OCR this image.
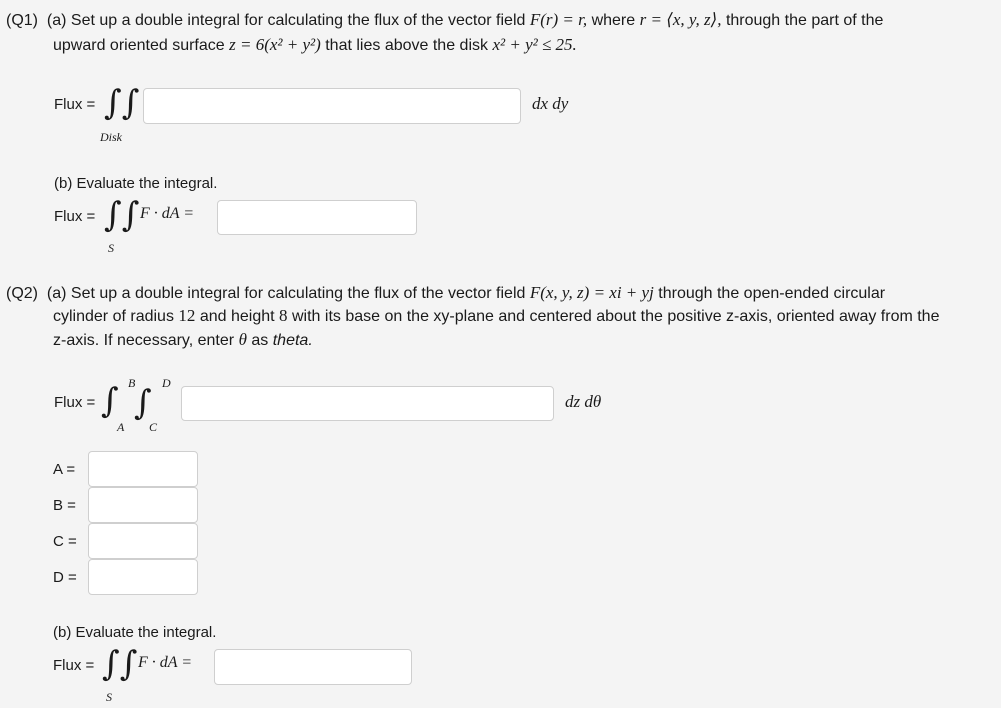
(Q1) (a) Set up a double integral for calculating the flux of the vector field F(r) = r, where r = ⟨x, y, z⟩, through the part of the
upward oriented surface z = 6(x² + y²) that lies above the disk x² + y² ≤ 25.
Flux = ∫∫
Disk
dx dy
(b) Evaluate the integral.
Flux = ∫∫
S
F · dA =
(Q2) (a) Set up a double integral for calculating the flux of the vector field F(x, y, z) = xi + yj through the open-ended circular
cylinder of radius 12 and height 8 with its base on the xy-plane and centered about the positive z-axis, oriented away from the
z-axis. If necessary, enter θ as theta.
Flux = ∫ ∫
B
A
D
C
dz dθ
A =
B =
C =
D =
(b) Evaluate the integral.
Flux = ∫∫
S
F · dA =
